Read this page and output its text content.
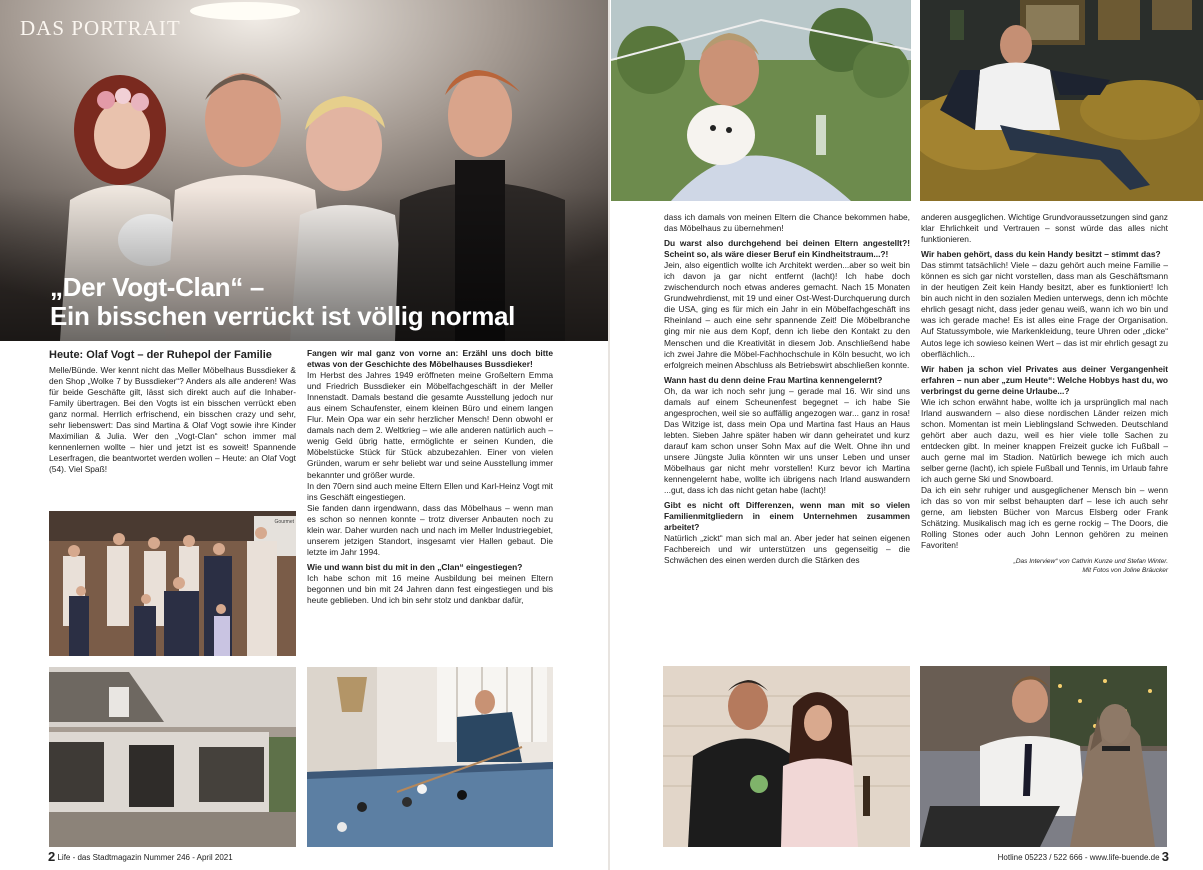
DAS PORTRAIT
„Der Vogt-Clan“ –
Ein bisschen verrückt ist völlig normal
Gourmet
Heute: Olaf Vogt – der Ruhepol der Familie

Melle/Bünde. Wer kennt nicht das Meller Möbelhaus Bussdieker & den Shop „Wolke 7 by Bussdieker“? Anders als alle anderen! Was für beide Geschäfte gilt, lässt sich direkt auch auf die Inhaber-Family übertragen. Bei den Vogts ist ein bisschen verrückt eben ganz normal. Herrlich erfrischend, ein bisschen crazy und sehr, sehr liebenswert: Das sind Martina & Olaf Vogt sowie ihre Kinder Maximilian & Julia. Wer den „Vogt-Clan“ schon immer mal kennenlernen wollte – hier und jetzt ist es soweit! Spannende Leserfragen, die beantwortet werden wollen – Heute: an Olaf Vogt (54). Viel Spaß!

Fangen wir mal ganz von vorne an: Erzähl uns doch bitte etwas von der Geschichte des Möbelhauses Bussdieker!

Im Herbst des Jahres 1949 eröffneten meine Großeltern Emma und Friedrich Bussdieker ein Möbelfachgeschäft in der Meller Innenstadt. Damals bestand die gesamte Ausstellung jedoch nur aus einem Schaufenster, einem kleinen Büro und einem langen Flur. Mein Opa war ein sehr herzlicher Mensch! Denn obwohl er damals nach dem 2. Weltkrieg – wie alle anderen natürlich auch – wenig Geld übrig hatte, ermöglichte er seinen Kunden, die Möbelstücke Stück für Stück abzubezahlen. Einer von vielen Gründen, warum er sehr beliebt war und seine Ausstellung immer bekannter und größer wurde.

In den 70ern sind auch meine Eltern Ellen und Karl-Heinz Vogt mit ins Geschäft eingestiegen.

Sie fanden dann irgendwann, dass das Möbelhaus – wenn man es schon so nennen konnte – trotz diverser Anbauten noch zu klein war. Daher wurden nach und nach im Meller Industriegebiet, unserem jetzigen Standort, insgesamt vier Hallen gebaut. Die letzte im Jahr 1994.

Wie und wann bist du mit in den „Clan“ eingestiegen?

Ich habe schon mit 16 meine Ausbildung bei meinen Eltern begonnen und bin mit 24 Jahren dann fest eingestiegen und bis heute geblieben. Und ich bin sehr stolz und dankbar dafür,

dass ich damals von meinen Eltern die Chance bekommen habe, das Möbelhaus zu übernehmen!

Du warst also durchgehend bei deinen Eltern angestellt?! Scheint so, als wäre dieser Beruf ein Kindheitstraum...?!

Jein, also eigentlich wollte ich Architekt werden...aber so weit bin ich davon ja gar nicht entfernt (lacht)! Ich habe doch zwischendurch noch etwas anderes gemacht. Nach 15 Monaten Grundwehrdienst, mit 19 und einer Ost-West-Durchquerung durch die USA, ging es für mich ein Jahr in ein Möbelfachgeschäft ins Rheinland – auch eine sehr spannende Zeit! Die Möbelbranche ging mir nie aus dem Kopf, denn ich liebe den Kontakt zu den Menschen und die Kreativität in diesem Job. Anschließend habe ich zwei Jahre die Möbel-Fachhochschule in Köln besucht, wo ich erfolgreich meinen Abschluss als Betriebswirt abschließen konnte.

Wann hast du denn deine Frau Martina kennengelernt?

Oh, da war ich noch sehr jung – gerade mal 16. Wir sind uns damals auf einem Scheunenfest begegnet – ich habe Sie angesprochen, weil sie so auffällig angezogen war... ganz in rosa! Das Witzige ist, dass mein Opa und Martina fast Haus an Haus lebten. Sieben Jahre später haben wir dann geheiratet und kurz darauf kam schon unser Sohn Max auf die Welt. Ohne ihn und unsere Jüngste Julia könnten wir uns unser Leben und unser Möbelhaus gar nicht mehr vorstellen! Kurz bevor ich Martina kennengelernt habe, wollte ich übrigens nach Irland auswandern ...gut, dass ich das nicht getan habe (lacht)!

Gibt es nicht oft Differenzen, wenn man mit so vielen Familienmitgliedern in einem Unternehmen zusammen arbeitet?

Natürlich „zickt“ man sich mal an. Aber jeder hat seinen eigenen Fachbereich und wir unterstützen uns gegenseitig – die Schwächen des einen werden durch die Stärken des

anderen ausgeglichen. Wichtige Grundvoraussetzungen sind ganz klar Ehrlichkeit und Vertrauen – sonst würde das alles nicht funktionieren.

Wir haben gehört, dass du kein Handy besitzt – stimmt das?

Das stimmt tatsächlich! Viele – dazu gehört auch meine Familie – können es sich gar nicht vorstellen, dass man als Geschäftsmann in der heutigen Zeit kein Handy besitzt, aber es funktioniert! Ich bin auch nicht in den sozialen Medien unterwegs, denn ich möchte ehrlich gesagt nicht, dass jeder genau weiß, wann ich wo bin und was ich gerade mache! Es ist alles eine Frage der Organisation. Auf Statussymbole, wie Markenkleidung, teure Uhren oder „dicke“ Autos lege ich sowieso keinen Wert – das ist mir ehrlich gesagt zu oberflächlich...

Wir haben ja schon viel Privates aus deiner Vergangenheit erfahren – nun aber „zum Heute“: Welche Hobbys hast du, wo verbringst du gerne deine Urlaube...?

Wie ich schon erwähnt habe, wollte ich ja ursprünglich mal nach Irland auswandern – also diese nordischen Länder reizen mich schon. Momentan ist mein Lieblingsland Schweden. Deutschland gehört aber auch dazu, weil es hier viele tolle Sachen zu entdecken gibt. In meiner knappen Freizeit gucke ich Fußball – auch gerne mal im Stadion. Natürlich bewege ich mich auch selber gerne (lacht), ich spiele Fußball und Tennis, im Urlaub fahre ich auch gerne Ski und Snowboard.

Da ich ein sehr ruhiger und ausgeglichener Mensch bin – wenn ich das so von mir selbst behaupten darf – lese ich auch sehr gerne, am liebsten Bücher von Marcus Elsberg oder Frank Schätzing. Musikalisch mag ich es gerne rockig – The Doors, die Rolling Stones oder auch John Lennon gehören zu meinen Favoriten!

„Das Interview“ von Cathrin Kunze und Stefan Winter.
Mit Fotos von Joline Bräucker
2 Life - das Stadtmagazin Nummer 246 - April 2021	Hotline 05223 / 522 666 - www.life-buende.de 3
